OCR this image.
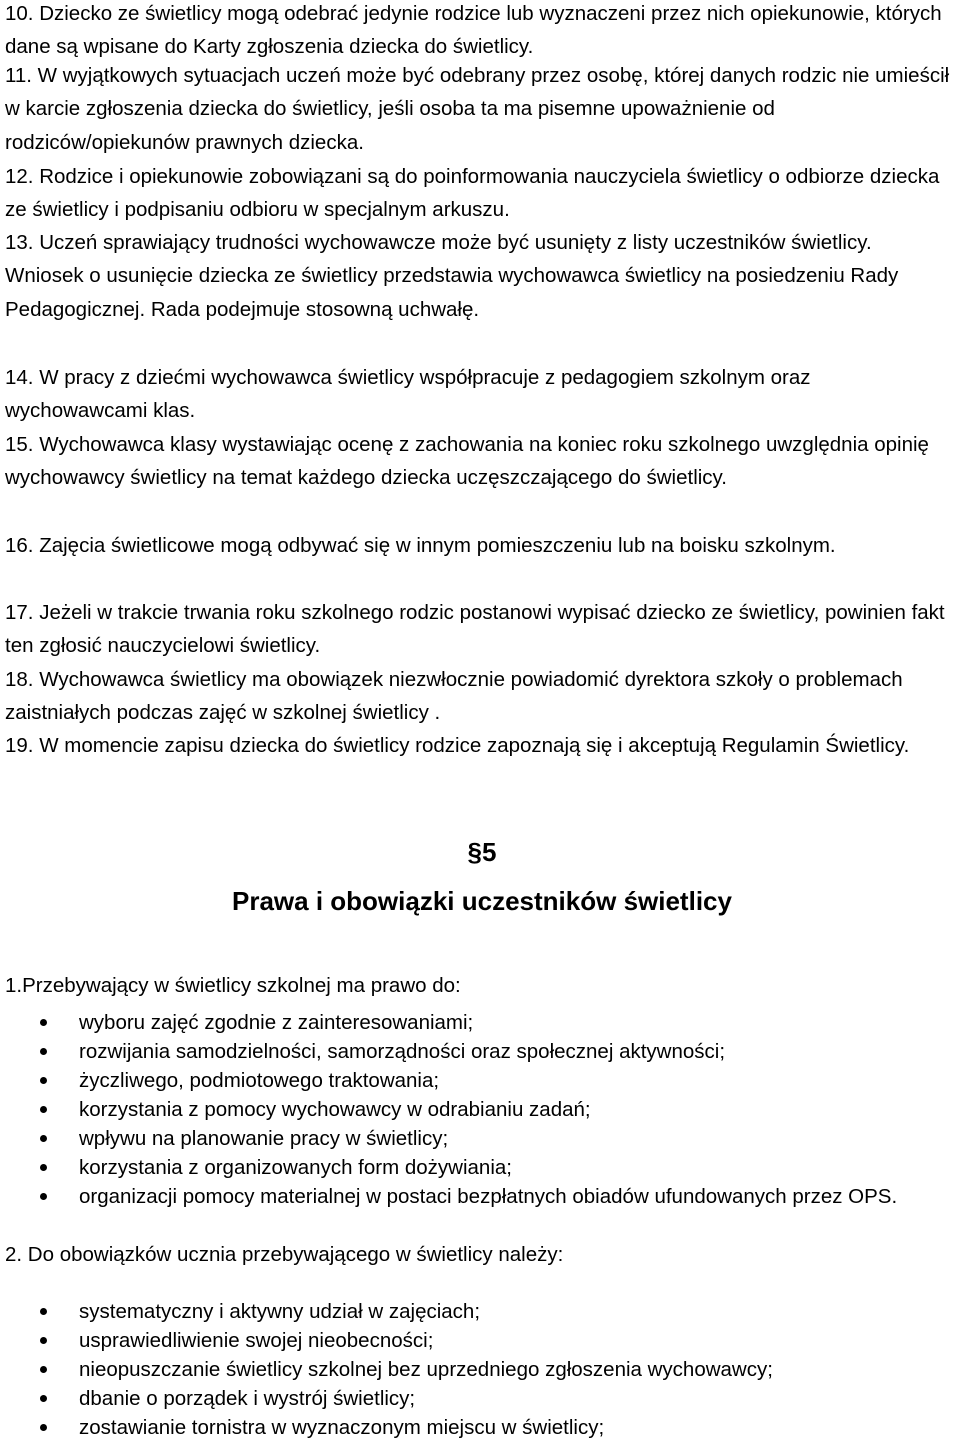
10. Dziecko ze świetlicy mogą odebrać jedynie rodzice lub wyznaczeni przez nich opiekunowie, których dane są wpisane do Karty zgłoszenia dziecka do świetlicy.

11. W wyjątkowych sytuacjach uczeń może być odebrany przez osobę, której danych rodzic nie umieścił w karcie zgłoszenia dziecka do świetlicy, jeśli osoba ta ma pisemne upoważnienie od rodziców/opiekunów prawnych dziecka.

12. Rodzice i opiekunowie zobowiązani są do poinformowania nauczyciela świetlicy o odbiorze dziecka ze świetlicy i podpisaniu odbioru w specjalnym arkuszu.

13. Uczeń sprawiający trudności wychowawcze może być usunięty z listy uczestników świetlicy. Wniosek o usunięcie dziecka ze świetlicy przedstawia wychowawca świetlicy na posiedzeniu Rady Pedagogicznej. Rada podejmuje stosowną uchwałę.

14. W pracy z dziećmi wychowawca świetlicy współpracuje z pedagogiem szkolnym oraz wychowawcami klas.

15. Wychowawca klasy wystawiając ocenę z zachowania na koniec roku szkolnego uwzględnia opinię wychowawcy świetlicy na temat każdego dziecka uczęszczającego do świetlicy.

16. Zajęcia świetlicowe mogą odbywać się w innym pomieszczeniu lub na boisku szkolnym.

17. Jeżeli w trakcie trwania roku szkolnego rodzic postanowi wypisać dziecko ze świetlicy, powinien fakt ten zgłosić nauczycielowi świetlicy.

18. Wychowawca świetlicy ma obowiązek niezwłocznie powiadomić dyrektora szkoły o problemach zaistniałych podczas zajęć w szkolnej świetlicy .

19. W momencie zapisu dziecka do świetlicy rodzice zapoznają się i akceptują Regulamin Świetlicy.

§5
Prawa i obowiązki uczestników świetlicy
1.Przebywający w świetlicy szkolnej ma prawo do:
wyboru zajęć zgodnie z zainteresowaniami;
rozwijania samodzielności, samorządności oraz społecznej aktywności;
życzliwego, podmiotowego traktowania;
korzystania z pomocy wychowawcy w odrabianiu zadań;
wpływu na planowanie pracy w świetlicy;
korzystania z organizowanych form dożywiania;
organizacji pomocy materialnej w postaci bezpłatnych obiadów ufundowanych przez OPS.
2. Do obowiązków ucznia przebywającego w świetlicy należy:
systematyczny i aktywny udział w zajęciach;
usprawiedliwienie swojej nieobecności;
nieopuszczanie świetlicy szkolnej bez uprzedniego zgłoszenia wychowawcy;
dbanie o porządek i wystrój świetlicy;
zostawianie tornistra w wyznaczonym miejscu w świetlicy;
